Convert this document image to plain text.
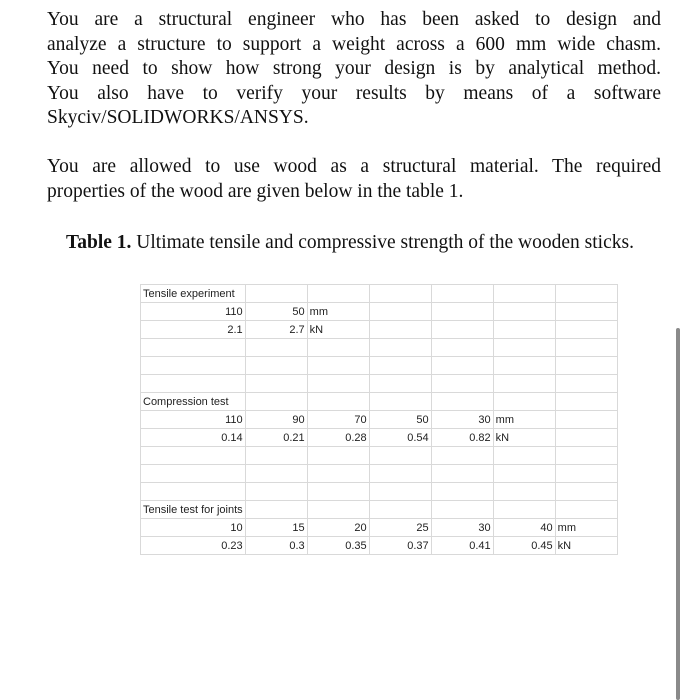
You are a structural engineer who has been asked to design and
analyze a structure to support a weight across a 600 mm wide chasm.
You need to show how strong your design is by analytical method.
You also have to verify your results by means of a software
Skyciv/SOLIDWORKS/ANSYS.
You are allowed to use wood as a structural material. The required
properties of the wood are given below in the table 1.
Table 1. Ultimate tensile and compressive strength of the wooden sticks.
Tensile experiment						
110	50	mm				
2.1	2.7	kN				

Compression test						
110	90	70	50	30	mm	
0.14	0.21	0.28	0.54	0.82	kN	

Tensile test for joints						
10	15	20	25	30	40	mm
0.23	0.3	0.35	0.37	0.41	0.45	kN
